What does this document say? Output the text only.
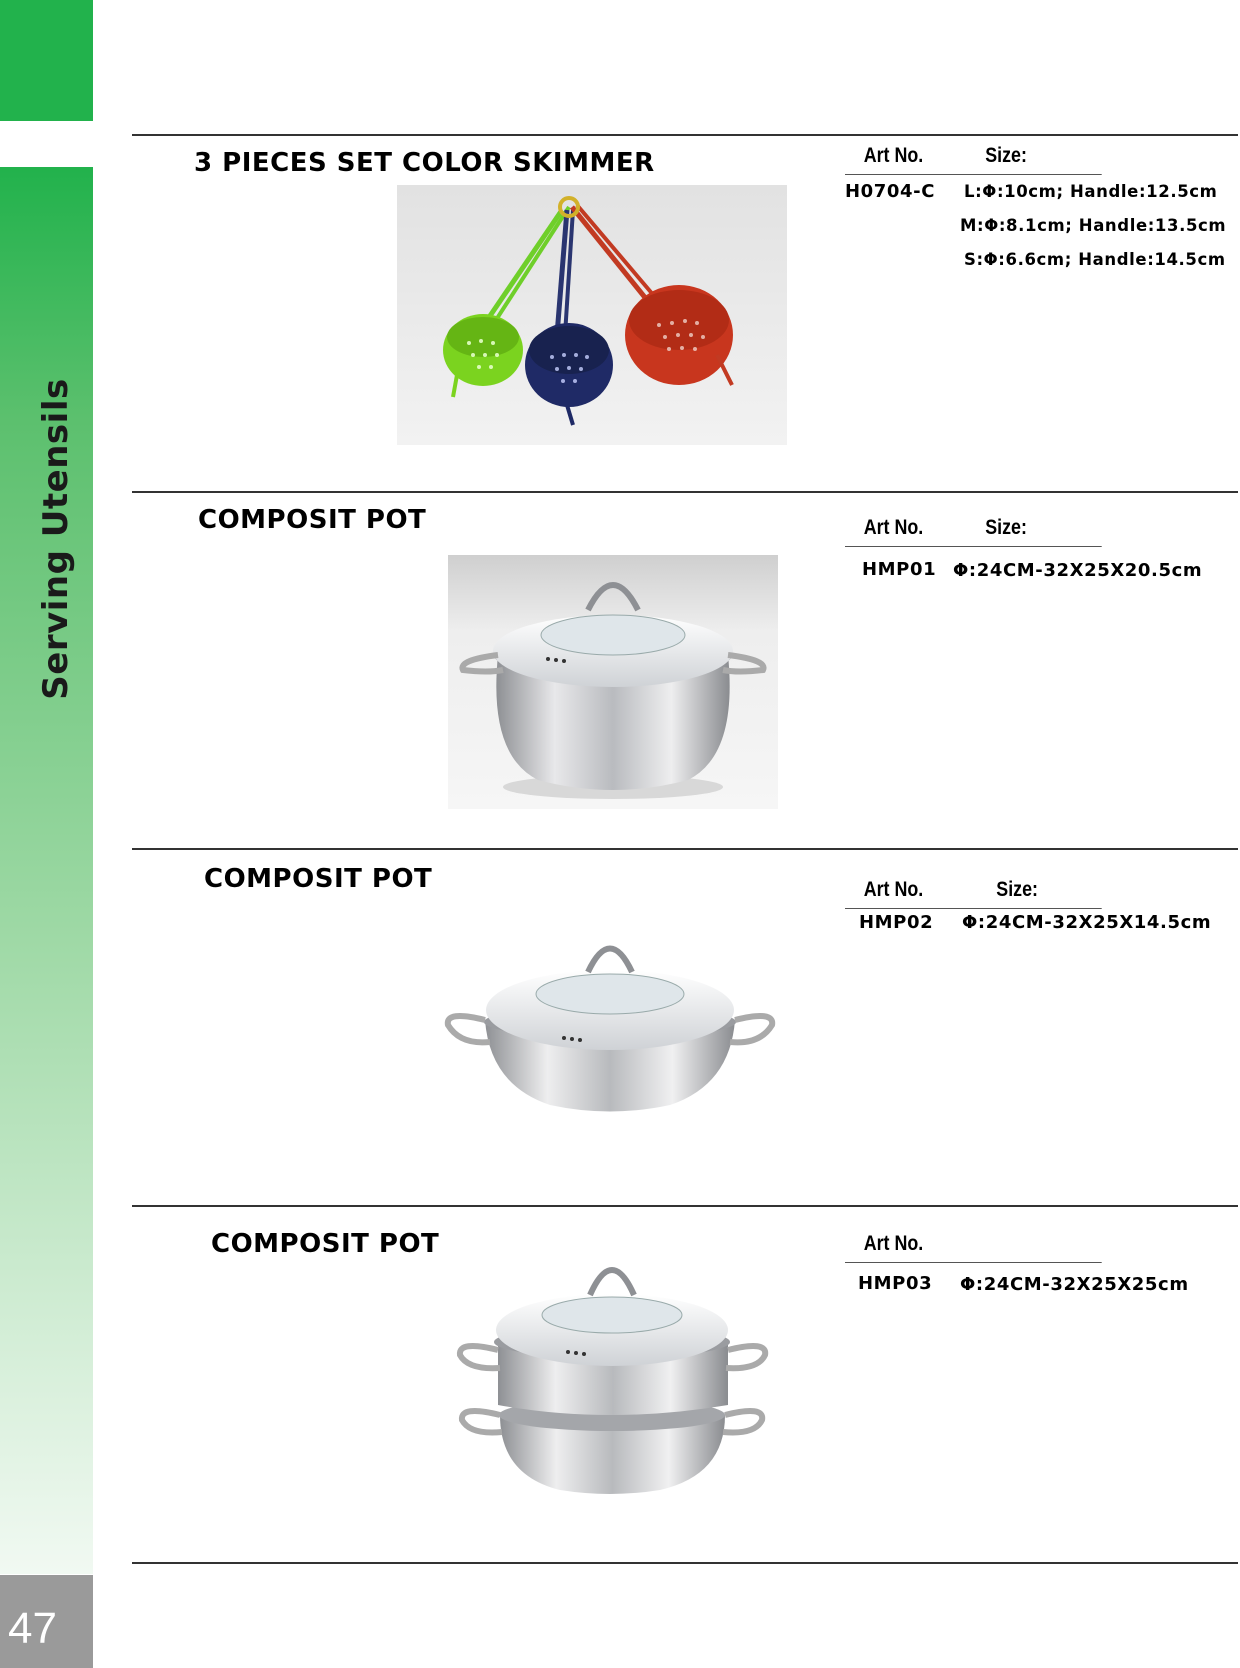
Serving Utensils
47
3 PIECES SET COLOR SKIMMER	Art No.	Size:
H0704-C L:Φ:10cm; Handle:12.5cm
M:Φ:8.1cm; Handle:13.5cm
S:Φ:6.6cm; Handle:14.5cm
COMPOSIT POT	Art No.	Size:
HMP01 Φ:24CM-32X25X20.5cm
COMPOSIT POT	Art No.	Size:
HMP02 Φ:24CM-32X25X14.5cm
COMPOSIT POT	Art No.
HMP03 Φ:24CM-32X25X25cm
